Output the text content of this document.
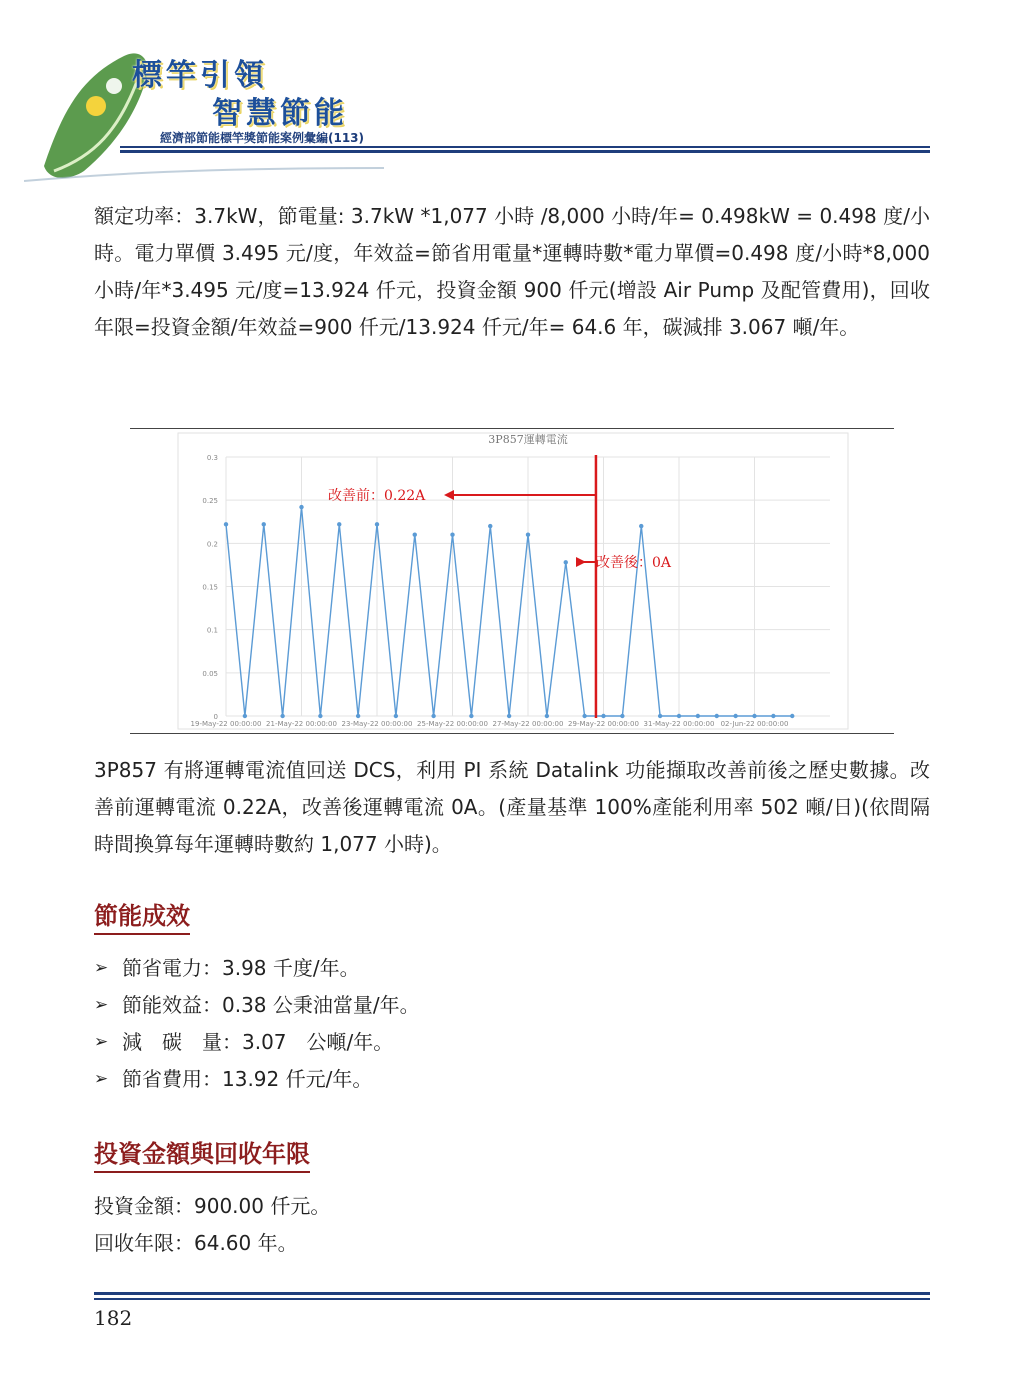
標竿引領
智慧節能
經濟部節能標竿獎節能案例彙編(113)

額定功率：3.7kW，節電量: 3.7kW *1,077 小時 /8,000 小時/年= 0.498kW = 0.498 度/小時。電力單價 3.495 元/度，年效益=節省用電量*運轉時數*電力單價=0.498 度/小時*8,000 小時/年*3.495 元/度=13.924 仟元，投資金額 900 仟元(增設 Air Pump 及配管費用)，回收年限=投資金額/年效益=900 仟元/13.924 仟元/年= 64.6 年，碳減排 3.067 噸/年。

3P857運轉電流
0
0.05
0.1
0.15
0.2
0.25
0.3
19-May-22 00:00:00 21-May-22 00:00:00 23-May-22 00:00:00 25-May-22 00:00:00 27-May-22 00:00:00 29-May-22 00:00:00 31-May-22 00:00:00 02-Jun-22 00:00:00
改善前：0.22A
改善後：0A

3P857 有將運轉電流值回送 DCS，利用 PI 系統 Datalink 功能擷取改善前後之歷史數據。改善前運轉電流 0.22A，改善後運轉電流 0A。(產量基準 100%產能利用率 502 噸/日)(依間隔時間換算每年運轉時數約 1,077 小時)。

節能成效
➢ 節省電力：3.98 千度/年。
➢ 節能效益：0.38 公秉油當量/年。
➢ 減　碳　量：3.07　公噸/年。
➢ 節省費用：13.92 仟元/年。
投資金額與回收年限
投資金額：900.00 仟元。
回收年限：64.60 年。
182
